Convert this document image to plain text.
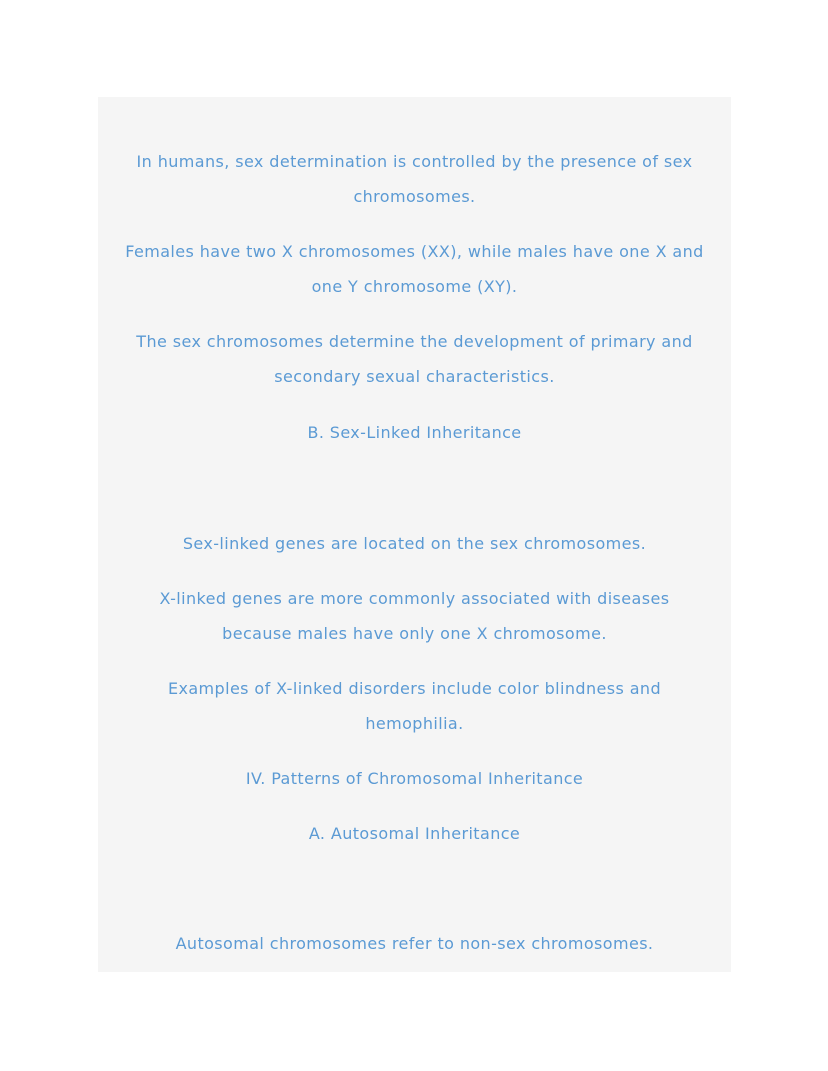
In humans, sex determination is controlled by the presence of sex
chromosomes.
Females have two X chromosomes (XX), while males have one X and
one Y chromosome (XY).
The sex chromosomes determine the development of primary and
secondary sexual characteristics.
B. Sex-Linked Inheritance
Sex-linked genes are located on the sex chromosomes.
X-linked genes are more commonly associated with diseases
because males have only one X chromosome.
Examples of X-linked disorders include color blindness and
hemophilia.
IV. Patterns of Chromosomal Inheritance
A. Autosomal Inheritance
Autosomal chromosomes refer to non-sex chromosomes.
